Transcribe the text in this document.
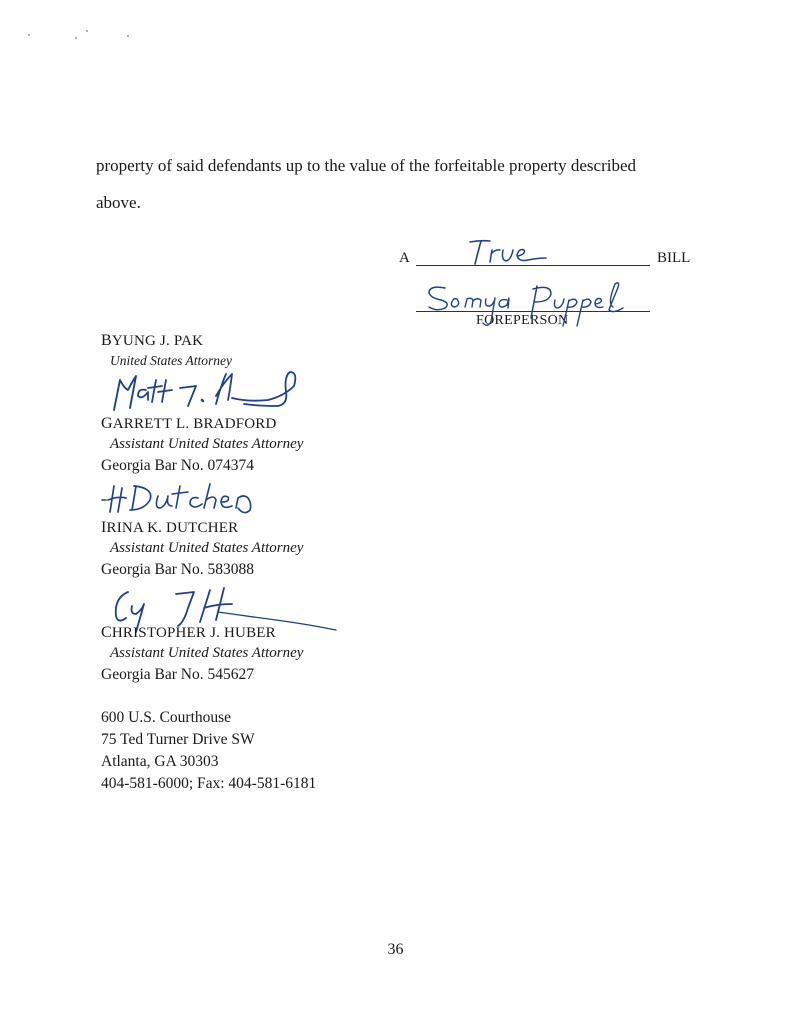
property of said defendants up to the value of the forfeitable property described
above.
A	BILL
FOREPERSON
BYUNG J. PAK
United States Attorney
GARRETT L. BRADFORD
Assistant United States Attorney
Georgia Bar No. 074374
IRINA K. DUTCHER
Assistant United States Attorney
Georgia Bar No. 583088
CHRISTOPHER J. HUBER
Assistant United States Attorney
Georgia Bar No. 545627
600 U.S. Courthouse
75 Ted Turner Drive SW
Atlanta, GA 30303
404-581-6000; Fax: 404-581-6181
36
